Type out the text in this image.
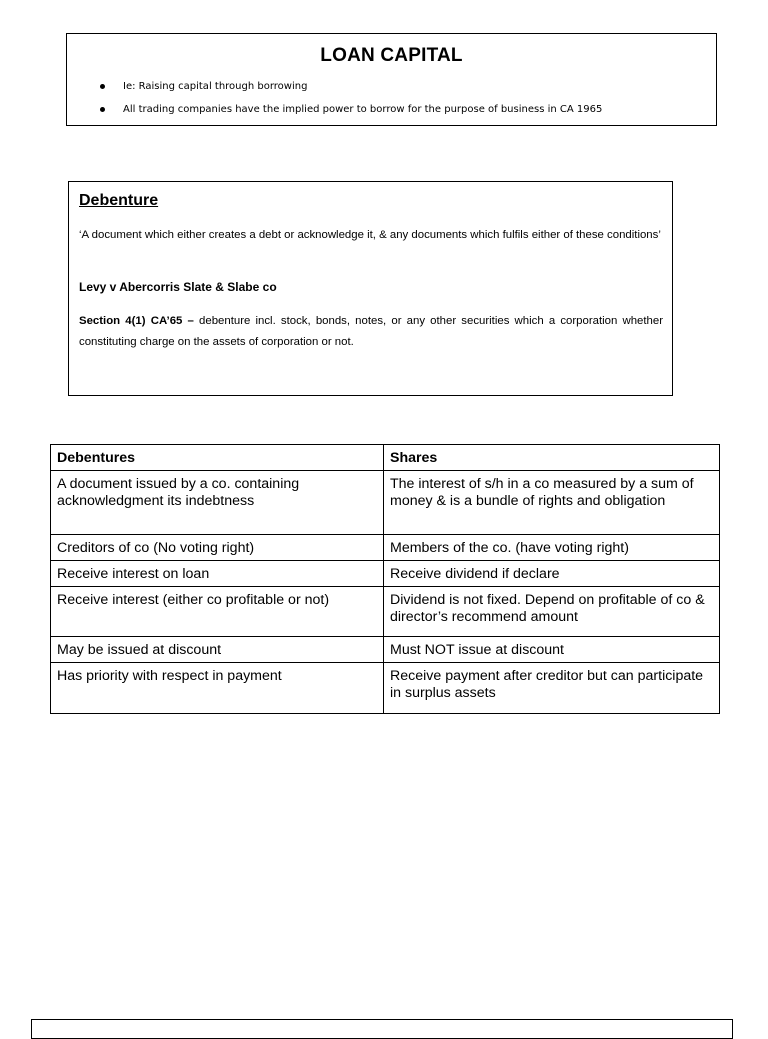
LOAN CAPITAL
Ie: Raising capital through borrowing
All trading companies have the implied power to borrow for the purpose of business in CA 1965
Debenture
‘A document which either creates a debt or acknowledge it, & any documents which fulfils either of these conditions’
Levy v Abercorris Slate & Slabe co
Section 4(1) CA’65 – debenture incl. stock, bonds, notes, or any other securities which a corporation whether constituting charge on the assets of corporation or not.
Debentures	Shares
A document issued by a co. containing acknowledgment its indebtness	The interest of s/h in a co measured by a sum of money & is a bundle of rights and obligation
Creditors of co (No voting right)	Members of the co. (have voting right)
Receive interest on loan	Receive dividend if declare
Receive interest (either co profitable or not)	Dividend is not fixed. Depend on profitable of co & director’s recommend amount
May be issued at discount	Must NOT issue at discount
Has priority with respect in payment	Receive payment after creditor but can participate in surplus assets
